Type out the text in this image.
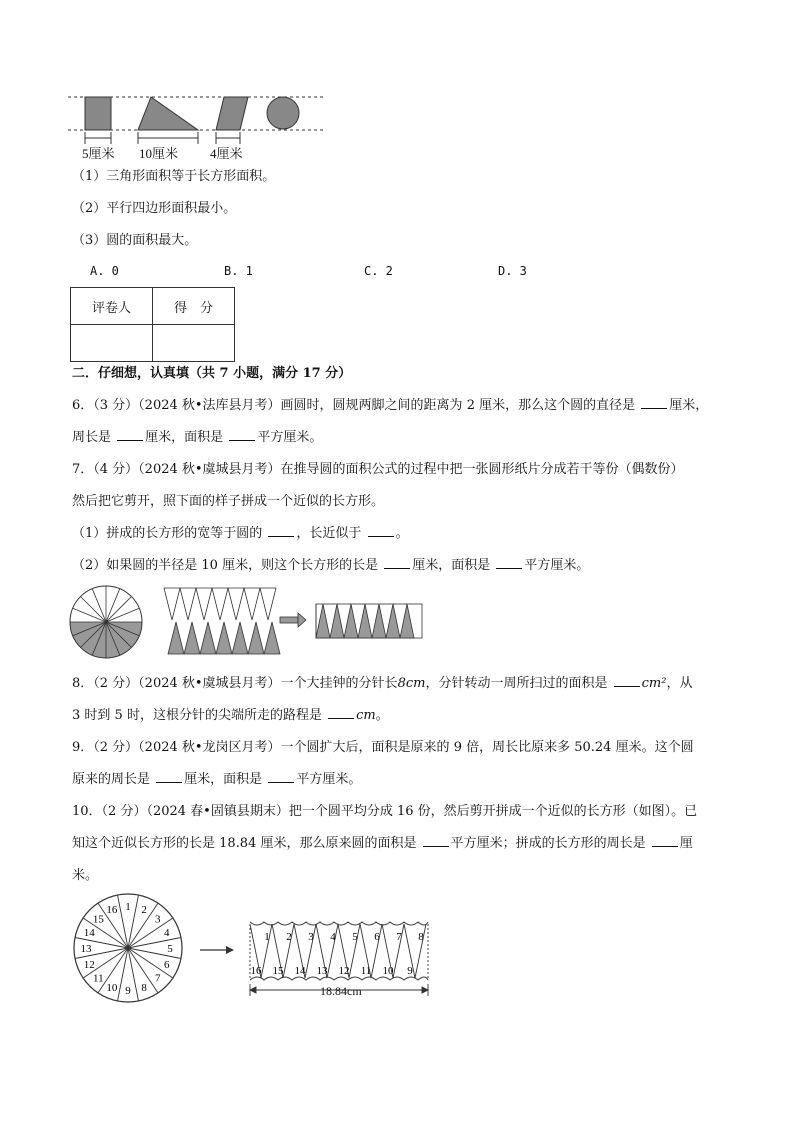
5厘米 10厘米 4厘米
（1）三角形面积等于长方形面积。
（2）平行四边形面积最小。
（3）圆的面积最大。
A. 0	B. 1	C. 2	D. 3
评卷人	得　分

二．仔细想，认真填（共 7 小题，满分 17 分）
6．（3 分）（2024 秋•法库县月考）画圆时，圆规两脚之间的距离为 2 厘米，那么这个圆的直径是	厘米，
周长是	厘米，面积是	平方厘米。
7．（4 分）（2024 秋•虞城县月考）在推导圆的面积公式的过程中把一张圆形纸片分成若干等份（偶数份）
然后把它剪开，照下面的样子拼成一个近似的长方形。
（1）拼成的长方形的宽等于圆的	，长近似于	。
（2）如果圆的半径是 10 厘米，则这个长方形的长是	厘米，面积是	平方厘米。
8．（2 分）（2024 秋•虞城县月考）一个大挂钟的分针长8cm，分针转动一周所扫过的面积是	cm²，从
3 时到 5 时，这根分针的尖端所走的路程是	cm。
9．（2 分）（2024 秋•龙岗区月考）一个圆扩大后，面积是原来的 9 倍，周长比原来多 50.24 厘米。这个圆
原来的周长是	厘米，面积是	平方厘米。
10．（2 分）（2024 春•固镇县期末）把一个圆平均分成 16 份，然后剪开拼成一个近似的长方形（如图）。已
知这个近似长方形的长是 18.84 厘米，那么原来圆的面积是	平方厘米；拼成的长方形的周长是	厘
米。
1 2
3
4
5
6
7
8
9
10
11
12
13
14
15
16
1 2 3 4 5 6 7 8
16 15 14 13 12 11 10 9
18.84cm
